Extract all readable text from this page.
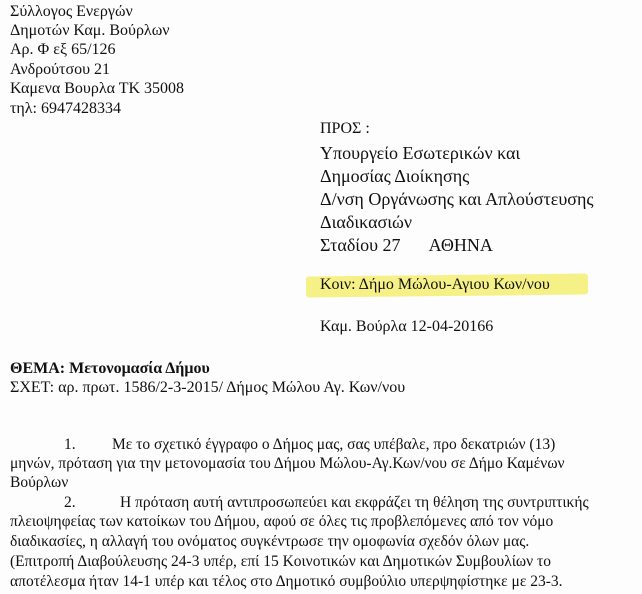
Σύλλογος Ενεργών
Δημοτών Καμ. Βούρλων
Αρ. Φ εξ 65/126
Ανδρούτσου 21
Καμενα Βουρλα ΤΚ 35008
τηλ: 6947428334
ΠΡΟΣ :
Υπουργείο Εσωτερικών και
Δημοσίας Διοίκησης
Δ/νση Οργάνωσης και Απλούστευσης
Διαδικασιών
Σταδίου 27 ΑΘΗΝΑ
Κοιν: Δήμο Μώλου-Αγιου Κων/νου
Καμ. Βούρλα 12-04-20166
ΘΕΜΑ: Μετονομασία Δήμου
ΣΧΕΤ: αρ. πρωτ. 1586/2-3-2015/ Δήμος Μώλου Αγ. Κων/νου
1. Με το σχετικό έγγραφο ο Δήμος μας, σας υπέβαλε, προ δεκατριών (13)
μηνών, πρόταση για την μετονομασία του Δήμου Μώλου-Αγ.Κων/νου σε Δήμο Καμένων
Βούρλων
2.	Η πρόταση αυτή αντιπροσωπεύει και εκφράζει τη θέληση της συντριπτικής
πλειοψηφείας των κατοίκων του Δήμου, αφού σε όλες τις προβλεπόμενες από τον νόμο
διαδικασίες, η αλλαγή του ονόματος συγκέντρωσε την ομοφωνία σχεδόν όλων μας.
(Επιτροπή Διαβούλευσης 24-3 υπέρ, επί 15 Κοινοτικών και Δημοτικών Συμβουλίων το
αποτέλεσμα ήταν 14-1 υπέρ και τέλος στο Δημοτικό συμβούλιο υπερψηφίστηκε με 23-3.
